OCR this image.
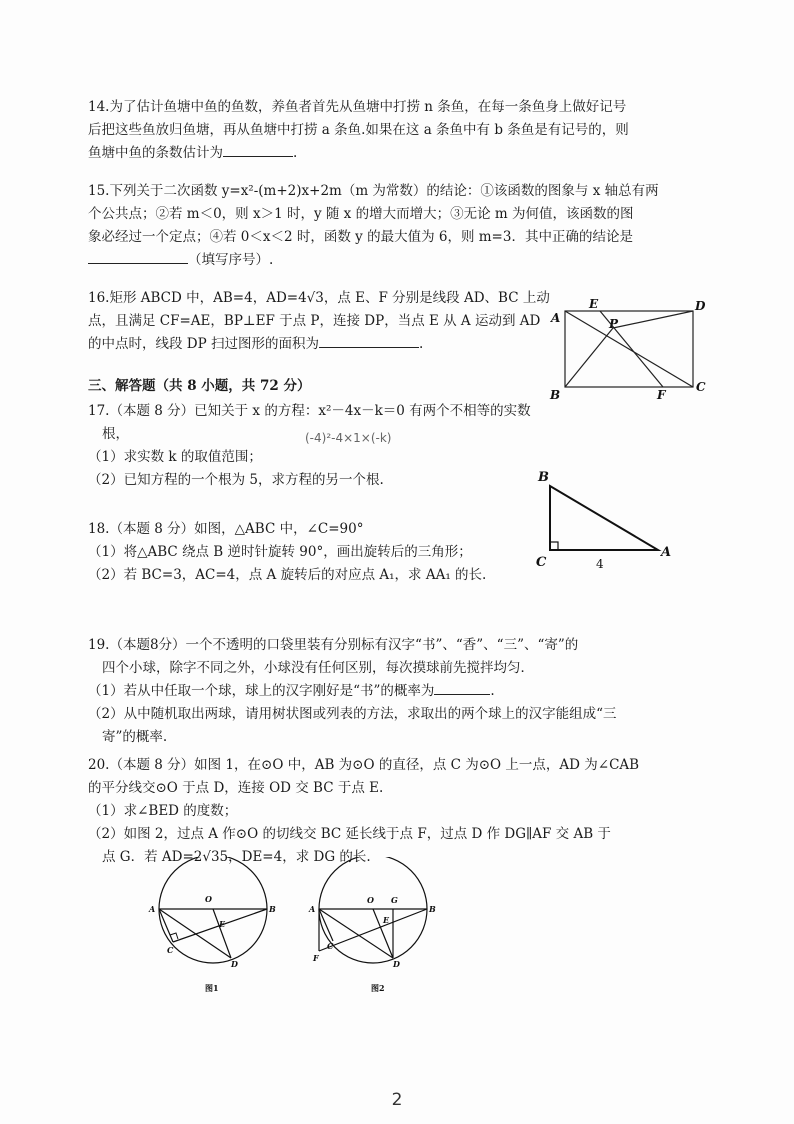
14.为了估计鱼塘中鱼的鱼数，养鱼者首先从鱼塘中打捞 n 条鱼，在每一条鱼身上做好记号
后把这些鱼放归鱼塘，再从鱼塘中打捞 a 条鱼.如果在这 a 条鱼中有 b 条鱼是有记号的，则
鱼塘中鱼的条数估计为	.
15.下列关于二次函数 y=x²-(m+2)x+2m（m 为常数）的结论：①该函数的图象与 x 轴总有两
个公共点；②若 m＜0，则 x＞1 时，y 随 x 的增大而增大；③无论 m 为何值，该函数的图
象必经过一个定点；④若 0＜x＜2 时，函数 y 的最大值为 6，则 m=3．其中正确的结论是
（填写序号）.
16.矩形 ABCD 中，AB=4，AD=4√3，点 E、F 分别是线段 AD、BC 上动
点，且满足 CF=AE，BP⊥EF 于点 P，连接 DP，当点 E 从 A 运动到 AD
的中点时，线段 DP 扫过图形的面积为	.
A
E	D
P
B	F
C
三、解答题（共 8 小题，共 72 分）
17.（本题 8 分）已知关于 x 的方程：x²－4x－k＝0 有两个不相等的实数
根，
（1）求实数 k 的取值范围；
（2）已知方程的一个根为 5，求方程的另一个根.
(-4)²-4×1×(-k)
18.（本题 8 分）如图，△ABC 中，∠C=90°
（1）将△ABC 绕点 B 逆时针旋转 90°，画出旋转后的三角形；
（2）若 BC=3，AC=4，点 A 旋转后的对应点 A₁，求 AA₁ 的长.
B
C
A
4
19.（本题8分）一个不透明的口袋里装有分别标有汉字“书”、“香”、“三”、“寄”的
四个小球，除字不同之外，小球没有任何区别，每次摸球前先搅拌均匀．
（1）若从中任取一个球，球上的汉字刚好是“书”的概率为	.
（2）从中随机取出两球，请用树状图或列表的方法，求取出的两个球上的汉字能组成“三
寄”的概率.
20.（本题 8 分）如图 1，在⊙O 中，AB 为⊙O 的直径，点 C 为⊙O 上一点，AD 为∠CAB
的平分线交⊙O 于点 D，连接 OD 交 BC 于点 E.
（1）求∠BED 的度数；
（2）如图 2，过点 A 作⊙O 的切线交 BC 延长线于点 F，过点 D 作 DG∥AF 交 AB 于
点 G．若 AD=2√35，DE=4，求 DG 的长.
A	B
O
C
D
E
图1
A	B
O G
E
C
F
D
图2
2
